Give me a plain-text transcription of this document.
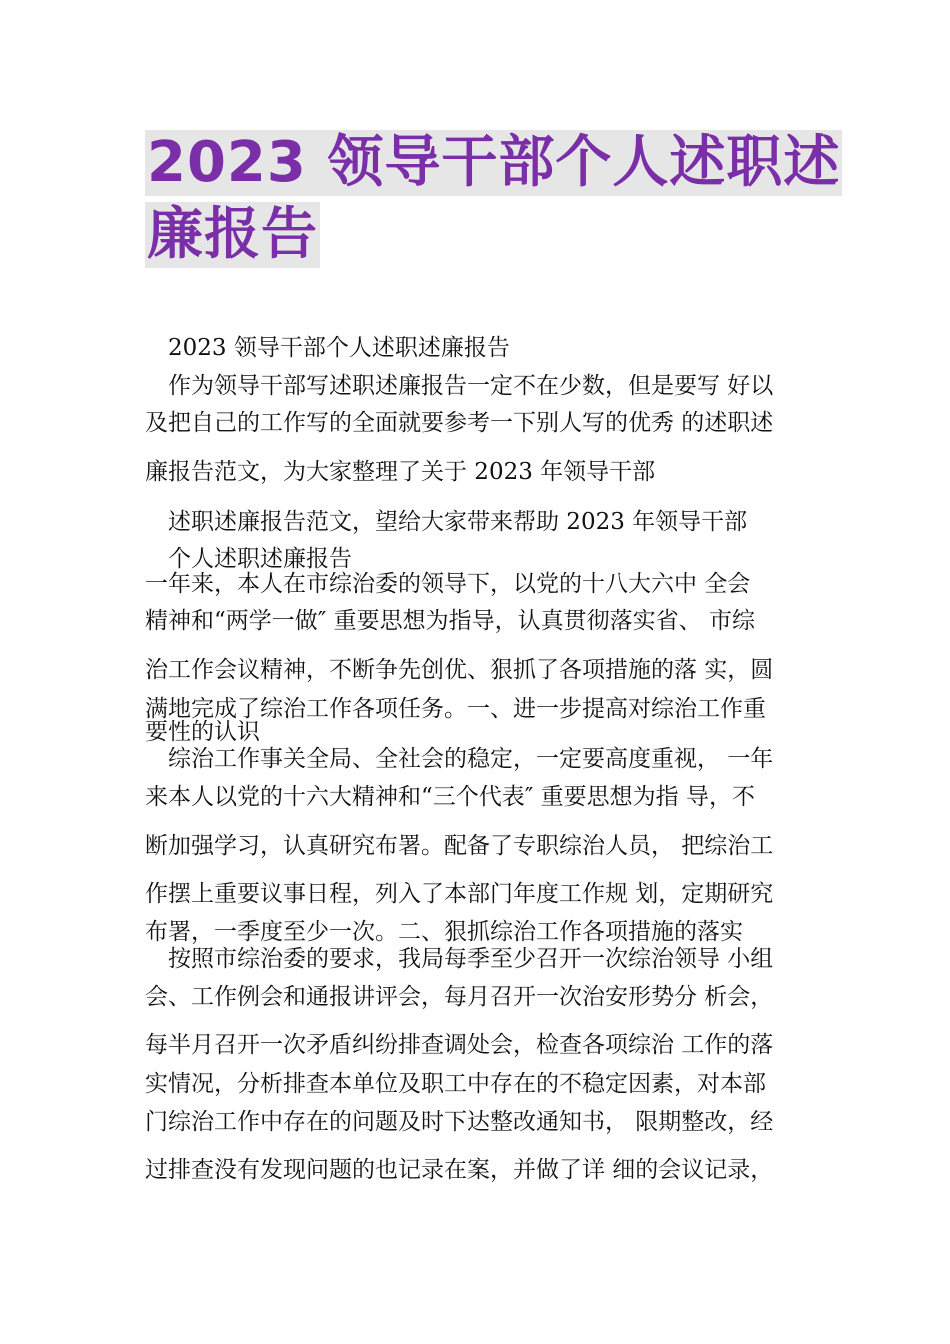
2023 领导干部个人述职述
廉报告
2023 领导干部个人述职述廉报告
作为领导干部写述职述廉报告一定不在少数，但是要写 好以
及把自己的工作写的全面就要参考一下别人写的优秀 的述职述
廉报告范文，为大家整理了关于 2023 年领导干部
述职述廉报告范文，望给大家带来帮助 2023 年领导干部
个人述职述廉报告
一年来，本人在市综治委的领导下，以党的十八大六中 全会
精神和“两学一做″ 重要思想为指导，认真贯彻落实省、 市综
治工作会议精神，不断争先创优、狠抓了各项措施的落 实，圆
满地完成了综治工作各项任务。一、进一步提高对综治工作重
要性的认识
综治工作事关全局、全社会的稳定，一定要高度重视， 一年
来本人以党的十六大精神和“三个代表″ 重要思想为指 导，不
断加强学习，认真研究布署。配备了专职综治人员， 把综治工
作摆上重要议事日程，列入了本部门年度工作规 划，定期研究
布署，一季度至少一次。二、狠抓综治工作各项措施的落实
按照市综治委的要求，我局每季至少召开一次综治领导 小组
会、工作例会和通报讲评会，每月召开一次治安形势分 析会，
每半月召开一次矛盾纠纷排查调处会，检查各项综治 工作的落
实情况，分析排查本单位及职工中存在的不稳定因素，对本部
门综治工作中存在的问题及时下达整改通知书， 限期整改，经
过排查没有发现问题的也记录在案，并做了详 细的会议记录，
